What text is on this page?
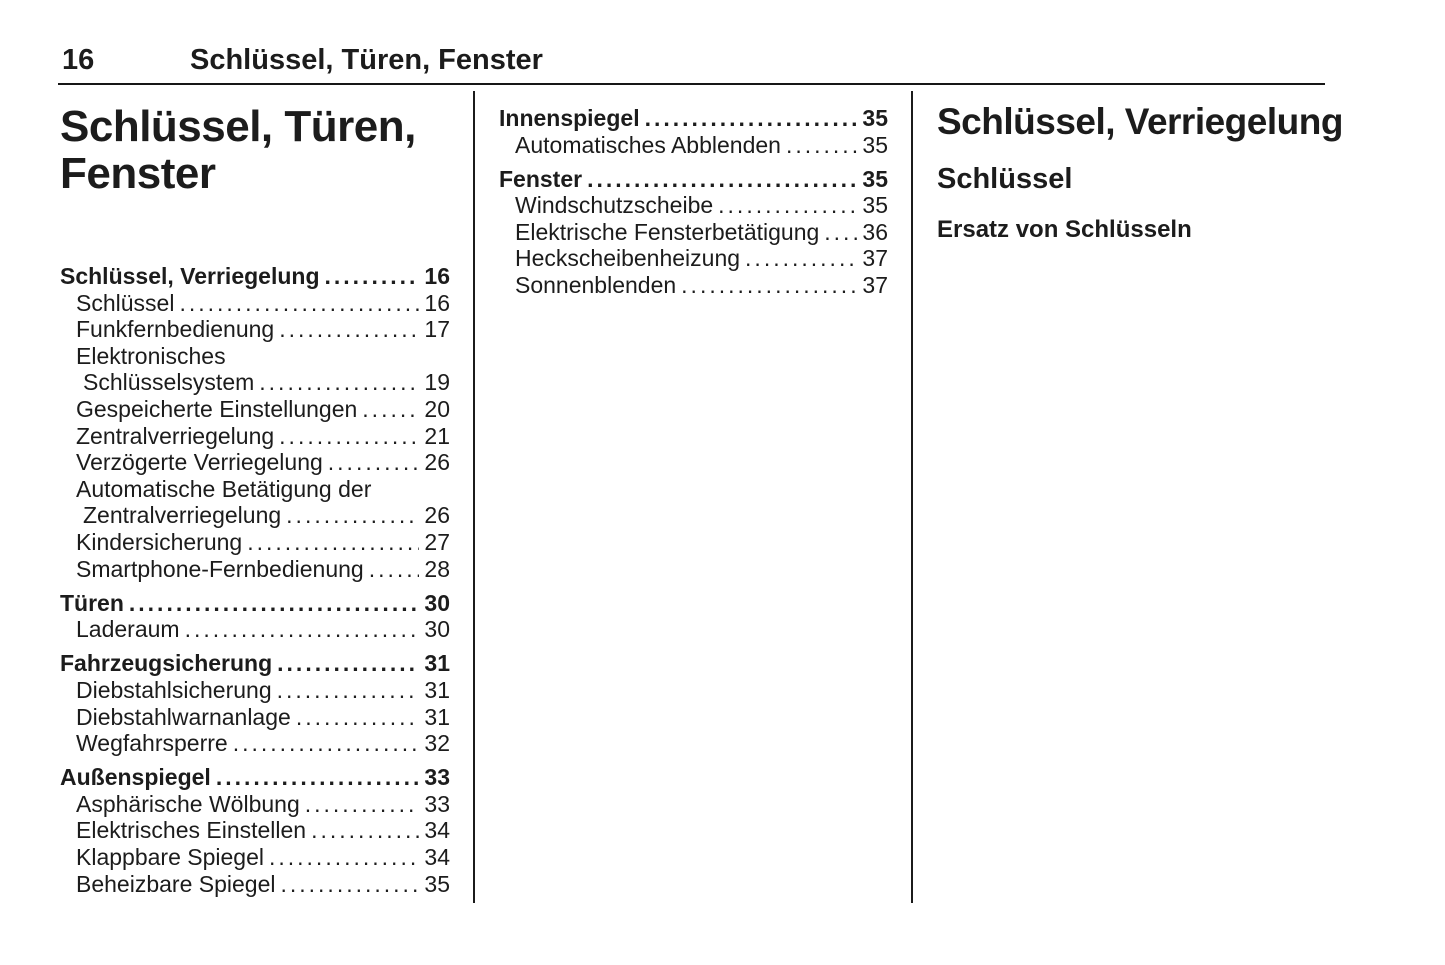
16	Schlüssel, Türen, Fenster
Schlüssel, Türen, Fenster
Schlüssel, Verriegelung .....	16
Schlüssel .....	16
Funkfernbedienung .....	17
Elektronisches
Schlüsselsystem .....	19
Gespeicherte Einstellungen .....	20
Zentralverriegelung .....	21
Verzögerte Verriegelung .....	26
Automatische Betätigung der
Zentralverriegelung .....	26
Kindersicherung .....	27
Smartphone-Fernbedienung .....	28
Türen .....	30
Laderaum .....	30
Fahrzeugsicherung .....	31
Diebstahlsicherung .....	31
Diebstahlwarnanlage .....	31
Wegfahrsperre .....	32
Außenspiegel .....	33
Asphärische Wölbung .....	33
Elektrisches Einstellen .....	34
Klappbare Spiegel .....	34
Beheizbare Spiegel .....	35
Innenspiegel .....	35
Automatisches Abblenden .....	35
Fenster .....	35
Windschutzscheibe .....	35
Elektrische Fensterbetätigung ..... 36
Heckscheibenheizung .....	37
Sonnenblenden .....	37
Schlüssel, Verriegelung
Schlüssel
Ersatz von Schlüsseln
